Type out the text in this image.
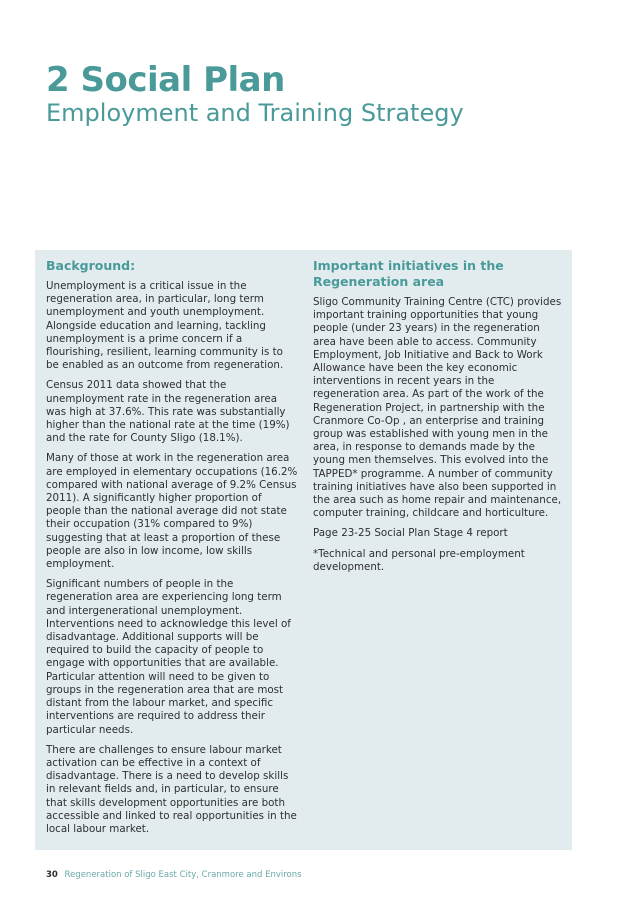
2 Social Plan
Employment and Training Strategy
Background:

Unemployment is a critical issue in the regeneration area, in particular, long term unemployment and youth unemployment. Alongside education and learning, tackling unemployment is a prime concern if a flourishing, resilient, learning community is to be enabled as an outcome from regeneration.

Census 2011 data showed that the unemployment rate in the regeneration area was high at 37.6%. This rate was substantially higher than the national rate at the time (19%) and the rate for County Sligo (18.1%).

Many of those at work in the regeneration area are employed in elementary occupations (16.2% compared with national average of 9.2% Census 2011). A significantly higher proportion of people than the national average did not state their occupation (31% compared to 9%) suggesting that at least a proportion of these people are also in low income, low skills employment.

Significant numbers of people in the regeneration area are experiencing long term and intergenerational unemployment. Interventions need to acknowledge this level of disadvantage. Additional supports will be required to build the capacity of people to engage with opportunities that are available. Particular attention will need to be given to groups in the regeneration area that are most distant from the labour market, and specific interventions are required to address their particular needs.

There are challenges to ensure labour market activation can be effective in a context of disadvantage. There is a need to develop skills in relevant fields and, in particular, to ensure that skills development opportunities are both accessible and linked to real opportunities in the local labour market.

Important initiatives in the Regeneration area

Sligo Community Training Centre (CTC) provides important training opportunities that young people (under 23 years) in the regeneration area have been able to access. Community Employment, Job Initiative and Back to Work Allowance have been the key economic interventions in recent years in the regeneration area. As part of the work of the Regeneration Project, in partnership with the Cranmore Co-Op , an enterprise and training group was established with young men in the area, in response to demands made by the young men themselves. This evolved into the TAPPED* programme. A number of community training initiatives have also been supported in the area such as home repair and maintenance, computer training, childcare and horticulture.

Page 23-25 Social Plan Stage 4 report

*Technical and personal pre-employment development.

30 Regeneration of Sligo East City, Cranmore and Environs
